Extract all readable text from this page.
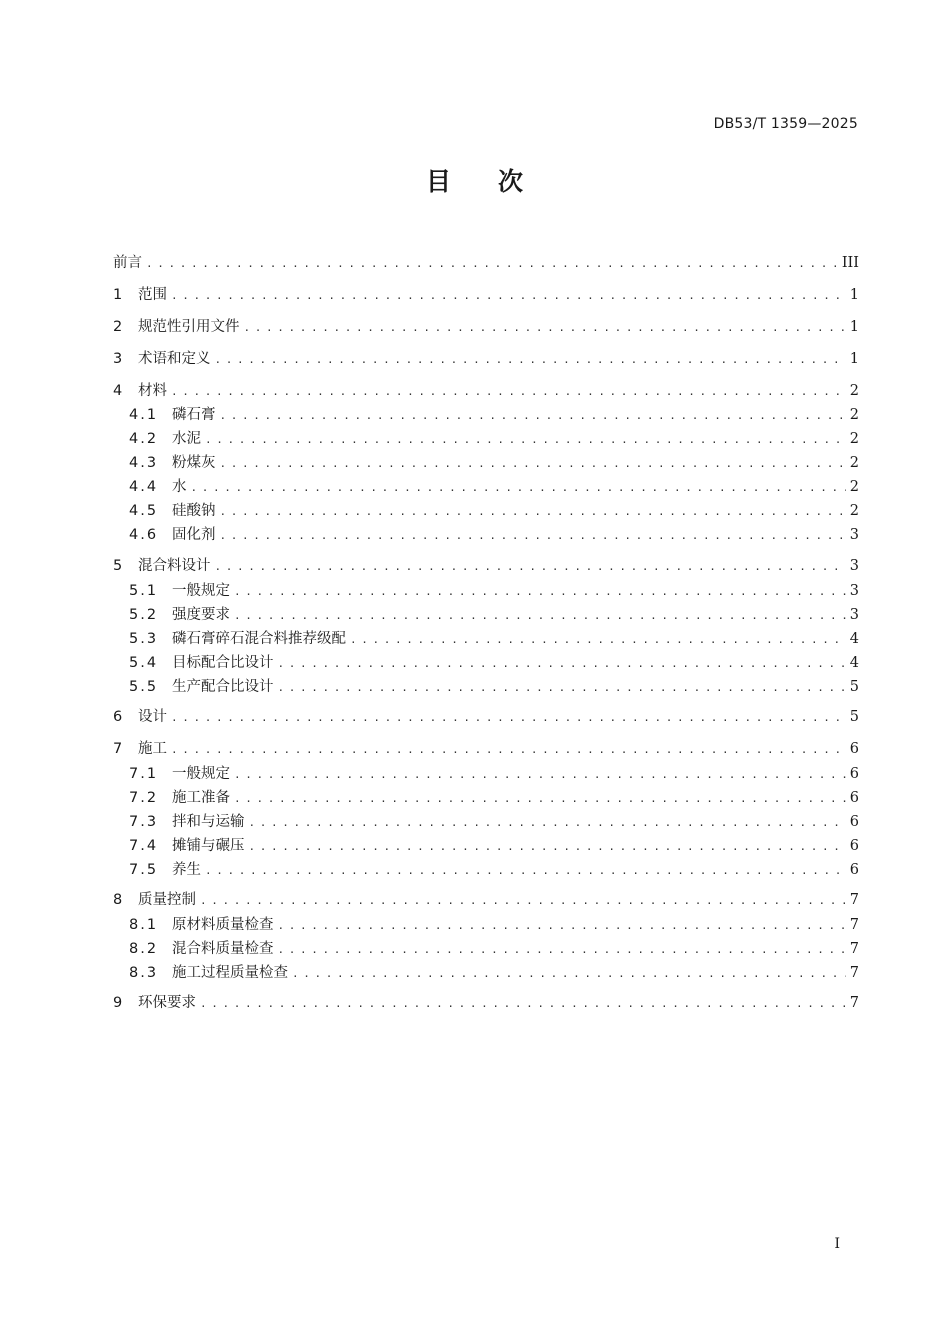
DB53/T 1359—2025
目 次
前言 . . .	III
1 范围 . . .	1
2 规范性引用文件 . . .	1
3 术语和定义 . . .	1
4 材料 . . .	2
4.1 磷石膏 . . .	2
4.2 水泥 . . .	2
4.3 粉煤灰 . . .	2
4.4 水 . . .	2
4.5 硅酸钠 . . .	2
4.6 固化剂 . . .	3
5 混合料设计 . . .	3
5.1 一般规定 . . .	3
5.2 强度要求 . . .	3
5.3 磷石膏碎石混合料推荐级配 . . .	4
5.4 目标配合比设计 . . .	4
5.5 生产配合比设计 . . .	5
6 设计 . . .	5
7 施工 . . .	6
7.1 一般规定 . . .	6
7.2 施工准备 . . .	6
7.3 拌和与运输 . . .	6
7.4 摊铺与碾压 . . .	6
7.5 养生 . . .	6
8 质量控制 . . .	7
8.1 原材料质量检查 . . .	7
8.2 混合料质量检查 . . .	7
8.3 施工过程质量检查 . . .	7
9 环保要求 . . .	7
I
